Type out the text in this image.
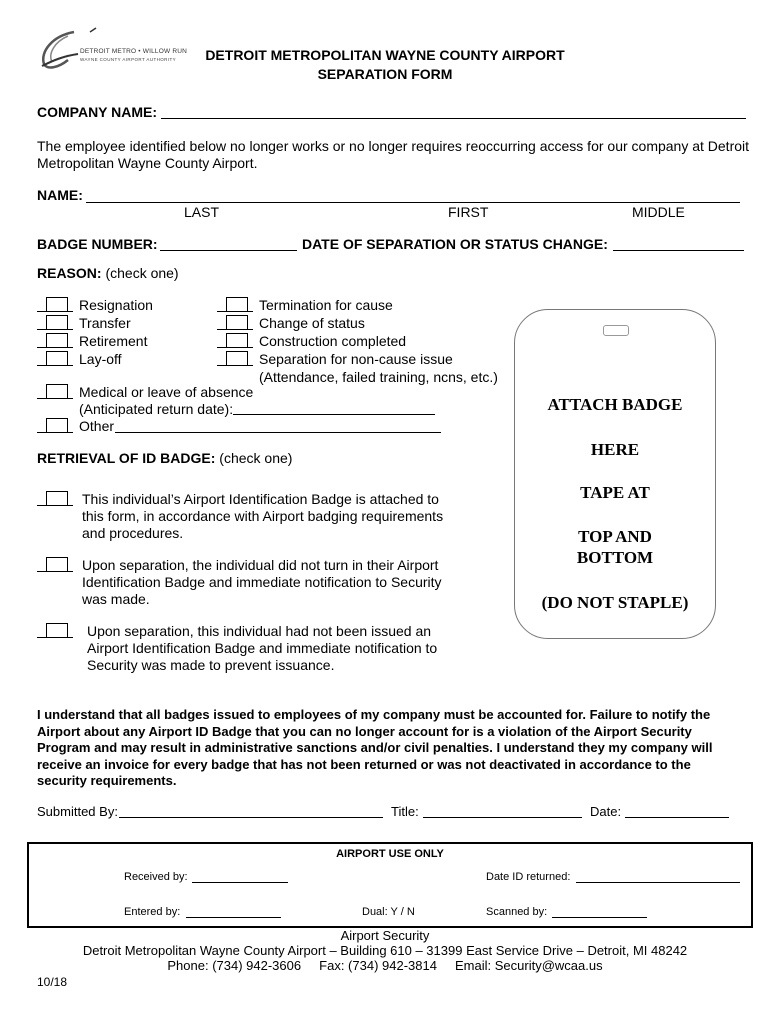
DETROIT METRO • WILLOW RUN
WAYNE COUNTY AIRPORT AUTHORITY	DETROIT METROPOLITAN WAYNE COUNTY AIRPORT
SEPARATION FORM
COMPANY NAME:
The employee identified below no longer works or no longer requires reoccurring access for our company at Detroit
Metropolitan Wayne County Airport.
NAME:
LAST	FIRST	MIDDLE
BADGE NUMBER:	DATE OF SEPARATION OR STATUS CHANGE:
REASON: (check one)
Resignation
Transfer
Retirement
Lay-off
Termination for cause
Change of status
Construction completed
Separation for non-cause issue
(Attendance, failed training, ncns, etc.)
Medical or leave of absence
(Anticipated return date):
Other
RETRIEVAL OF ID BADGE: (check one)
This individual’s Airport Identification Badge is attached to
this form, in accordance with Airport badging requirements
and procedures.
Upon separation, the individual did not turn in their Airport
Identification Badge and immediate notification to Security
was made.
Upon separation, this individual had not been issued an
Airport Identification Badge and immediate notification to
Security was made to prevent issuance.
ATTACH BADGE
HERE
TAPE AT
TOP AND
BOTTOM
(DO NOT STAPLE)
I understand that all badges issued to employees of my company must be accounted for. Failure to notify the
Airport about any Airport ID Badge that you can no longer account for is a violation of the Airport Security
Program and may result in administrative sanctions and/or civil penalties. I understand they my company will
receive an invoice for every badge that has not been returned or was not deactivated in accordance to the
security requirements.
Submitted By:	Title:	Date:
AIRPORT USE ONLY
Received by:	Date ID returned:
Entered by:	Dual: Y / N	Scanned by:
Airport Security
Detroit Metropolitan Wayne County Airport – Building 610 – 31399 East Service Drive – Detroit, MI 48242
Phone: (734) 942-3606     Fax: (734) 942-3814     Email: Security@wcaa.us
10/18
